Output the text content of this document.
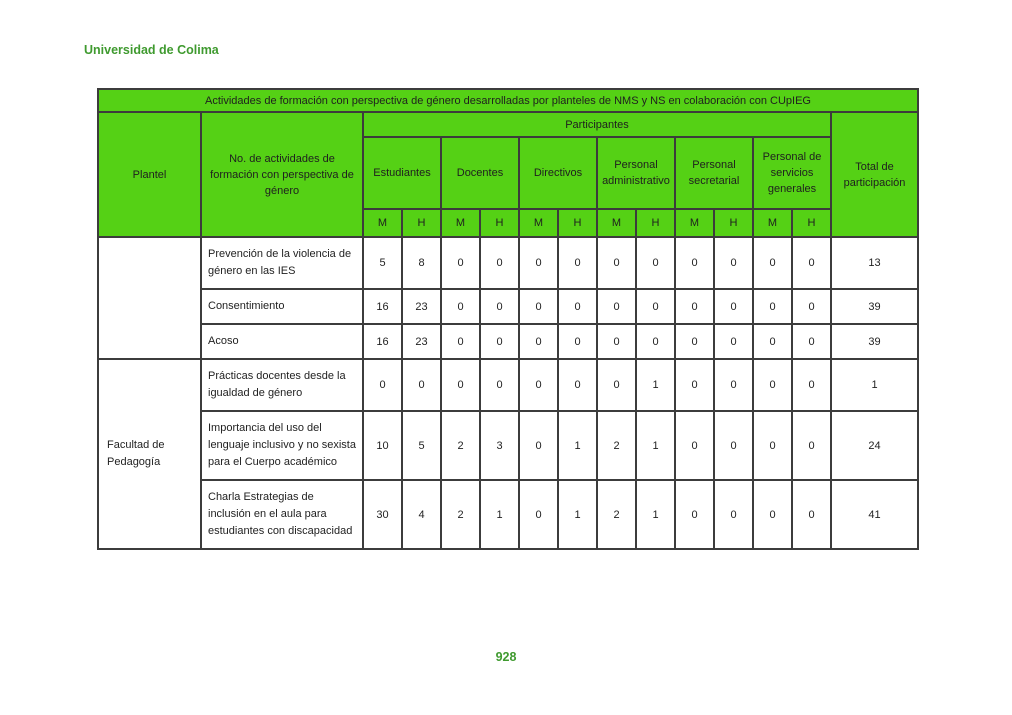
Universidad de Colima
Actividades de formación con perspectiva de género desarrolladas por planteles de NMS y NS en colaboración con CUpIEG														
Plantel	No. de actividades de formación con perspectiva de género	Participantes												Total de participación
		Estudiantes		Docentes		Directivos		Personal administrativo		Personal secretarial		Personal de servicios generales		
		M	H	M	H	M	H	M	H	M	H	M	H	
	Prevención de la violencia de género en las IES	5	8	0	0	0	0	0	0	0	0	0	0	13
	Consentimiento	16	23	0	0	0	0	0	0	0	0	0	0	39
	Acoso	16	23	0	0	0	0	0	0	0	0	0	0	39
Facultad de Pedagogía	Prácticas docentes desde la igualdad de género	0	0	0	0	0	0	0	1	0	0	0	0	1
	Importancia del uso del lenguaje inclusivo y no sexista para el Cuerpo académico	10	5	2	3	0	1	2	1	0	0	0	0	24
	Charla Estrategias de inclusión en el aula para estudiantes con discapacidad	30	4	2	1	0	1	2	1	0	0	0	0	41
928
